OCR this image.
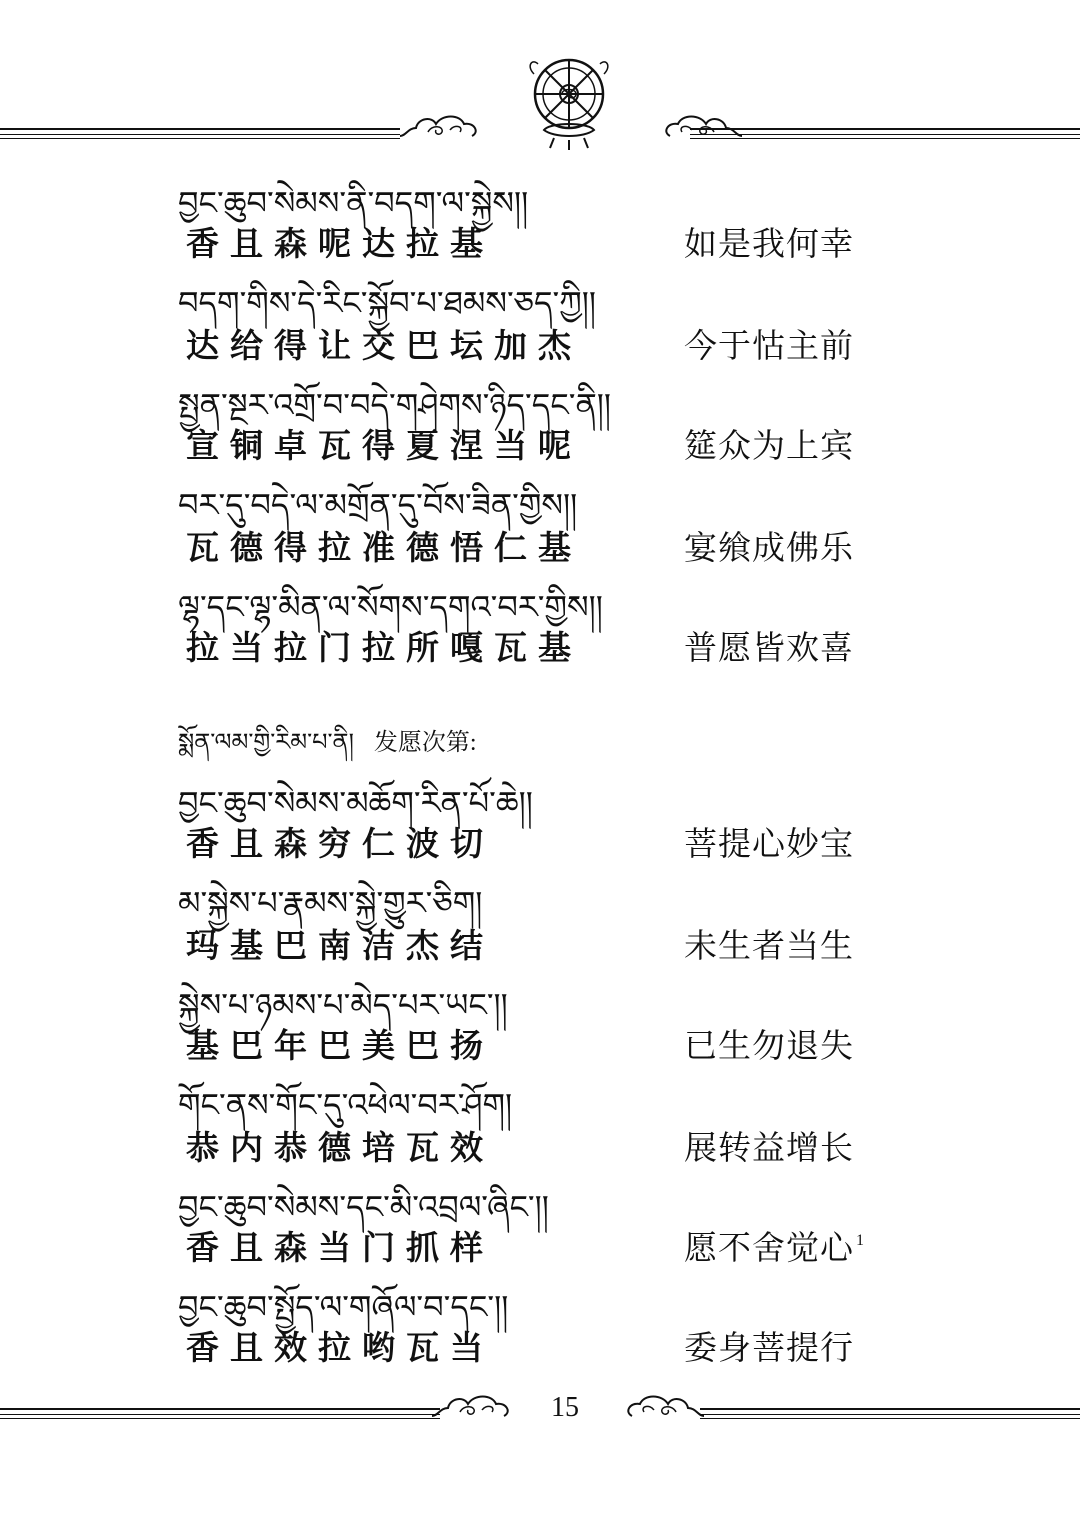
བྱང་ཆུབ་སེམས་ནི་བདག་ལ་སྐྱེས།།
香且森呢达拉基	如是我何幸
བདག་གིས་དེ་རིང་སྐྱོབ་པ་ཐམས་ཅད་ཀྱི།།
达给得让交巴坛加杰	今于怙主前
སྤྱན་སྔར་འགྲོ་བ་བདེ་གཤེགས་ཉིད་དང་ནི།།
宣铜卓瓦得夏涅当呢	筵众为上宾
བར་དུ་བདེ་ལ་མགྲོན་དུ་བོས་ཟིན་གྱིས།།
瓦德得拉准德悟仁基	宴飨成佛乐
ལྷ་དང་ལྷ་མིན་ལ་སོགས་དགའ་བར་གྱིས།།
拉当拉门拉所嘎瓦基	普愿皆欢喜
སྨོན་ལམ་གྱི་རིམ་པ་ནི། 发愿次第:
བྱང་ཆུབ་སེམས་མཆོག་རིན་པོ་ཆེ།།
香且森穷仁波切	菩提心妙宝
མ་སྐྱེས་པ་རྣམས་སྐྱེ་གྱུར་ཅིག།
玛基巴南洁杰结	未生者当生
སྐྱེས་པ་ཉམས་པ་མེད་པར་ཡང་།།
基巴年巴美巴扬	已生勿退失
གོང་ནས་གོང་དུ་འཕེལ་བར་ཤོག།
恭内恭德培瓦效	展转益增长
བྱང་ཆུབ་སེམས་དང་མི་འབྲལ་ཞིང་།།
香且森当门抓样	愿不舍觉心 $^1$
བྱང་ཆུབ་སྤྱོད་ལ་གཞོལ་བ་དང་།།
香且效拉哟瓦当	委身菩提行
15
